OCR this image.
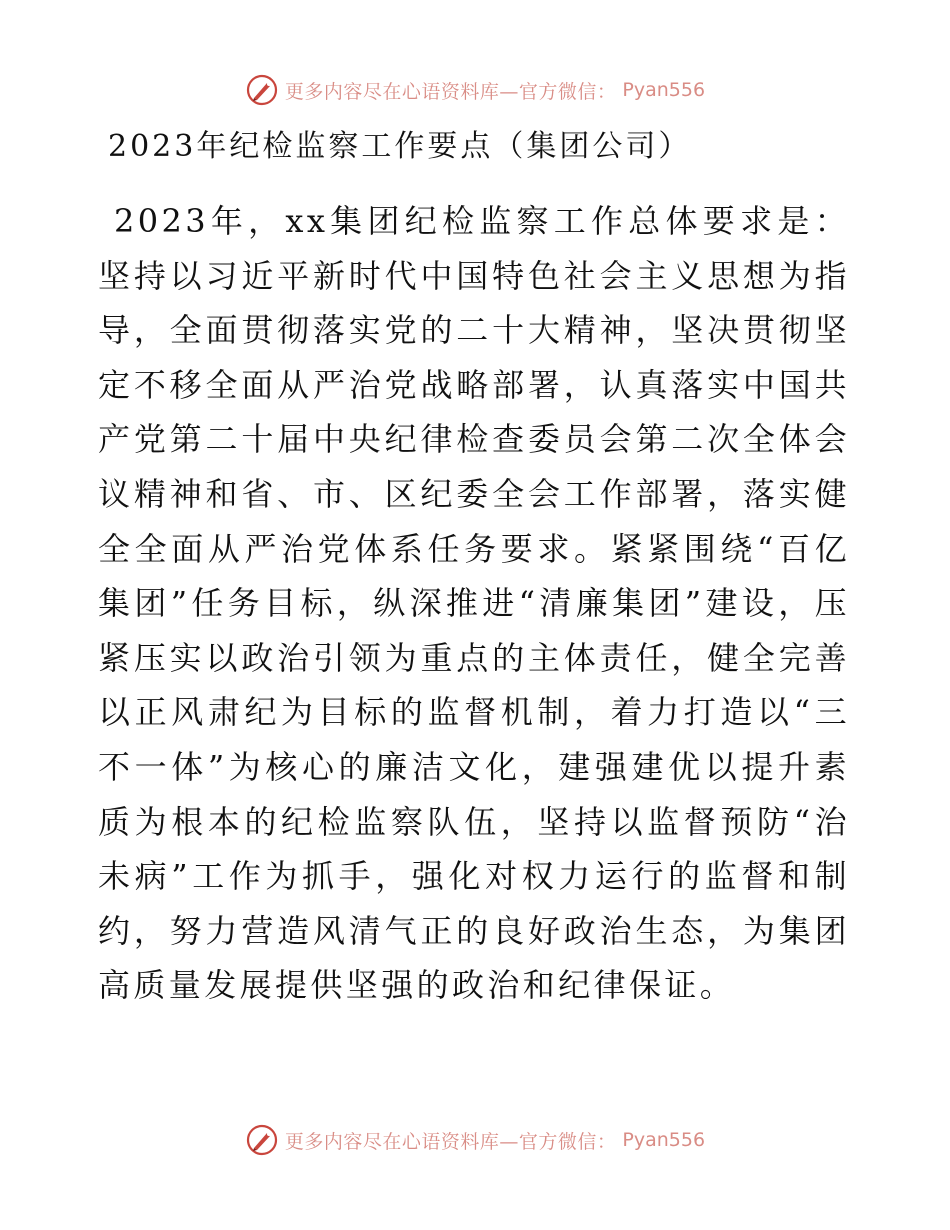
更多内容尽在心语资料库—官方微信： Pyan556
2023年纪检监察工作要点（集团公司）
2023年，xx集团纪检监察工作总体要求是：坚持以习近平新时代中国特色社会主义思想为指导，全面贯彻落实党的二十大精神，坚决贯彻坚定不移全面从严治党战略部署，认真落实中国共产党第二十届中央纪律检查委员会第二次全体会议精神和省、市、区纪委全会工作部署，落实健全全面从严治党体系任务要求。紧紧围绕“百亿集团”任务目标，纵深推进“清廉集团”建设，压紧压实以政治引领为重点的主体责任，健全完善以正风肃纪为目标的监督机制，着力打造以“三不一体”为核心的廉洁文化，建强建优以提升素质为根本的纪检监察队伍，坚持以监督预防“治未病”工作为抓手，强化对权力运行的监督和制约，努力营造风清气正的良好政治生态，为集团高质量发展提供坚强的政治和纪律保证。
更多内容尽在心语资料库—官方微信： Pyan556
